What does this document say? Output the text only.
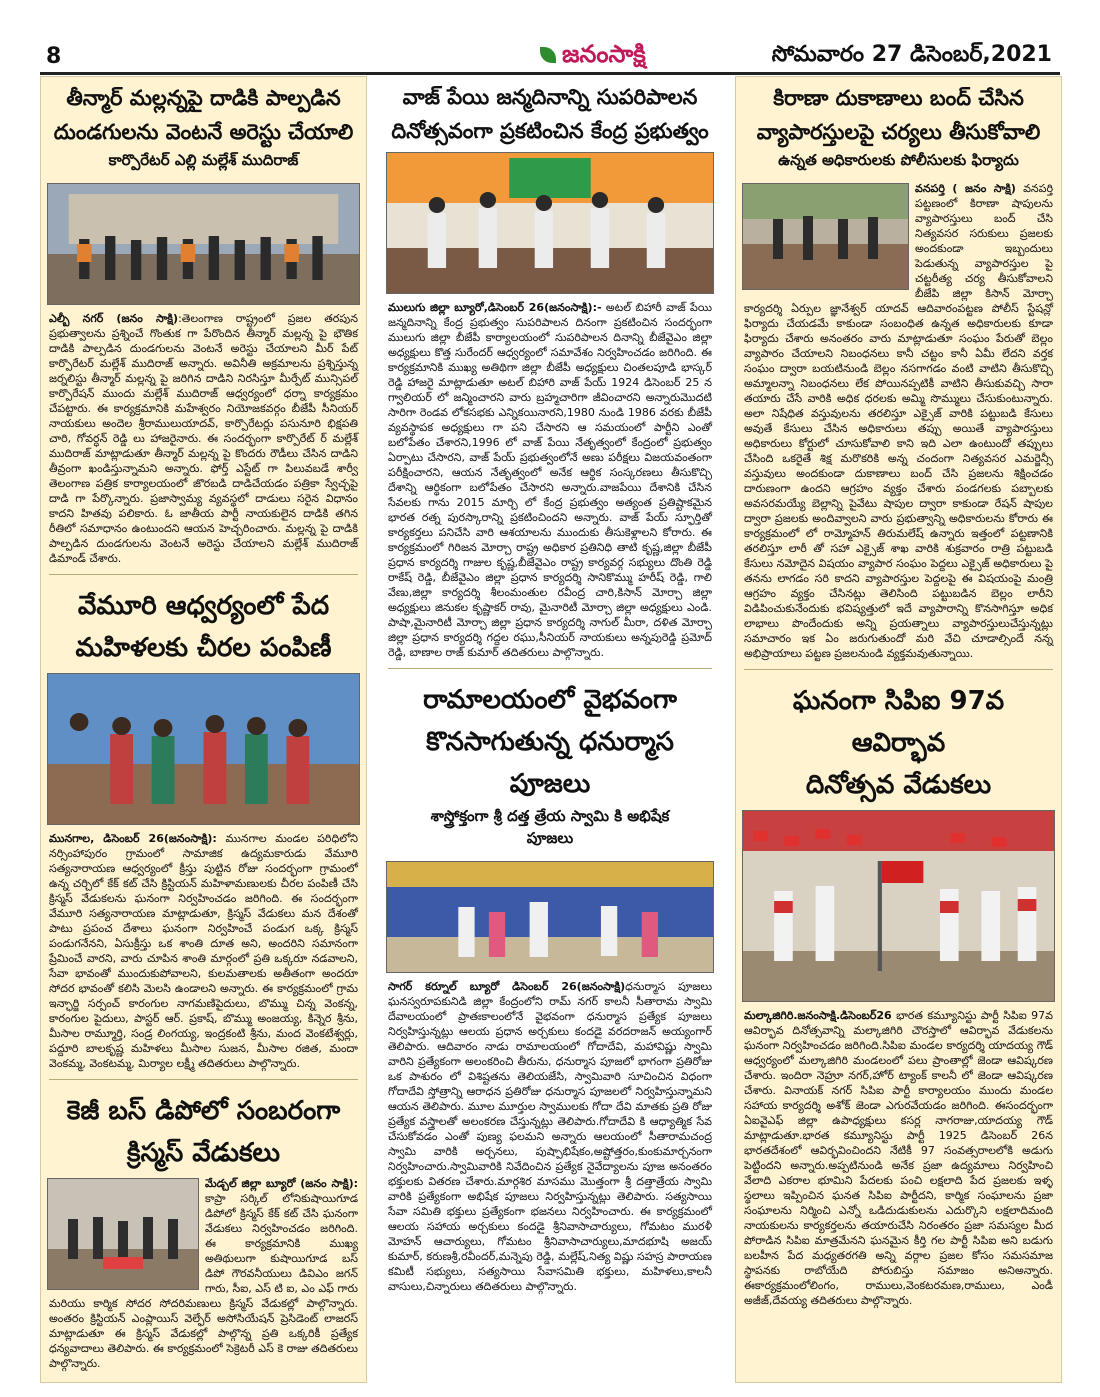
8	జనంసాక్షి	సోమవారం 27 డిసెంబర్,2021
తీన్మార్ మల్లన్నపై దాడికి పాల్పడిన
దుండగులను వెంటనే అరెస్టు చేయాలి
కార్పొరేటర్ ఎల్లి మల్లేశ్ ముదిరాజ్
ఎల్బీ నగర్ (జనం సాక్షి):తెలంగాణ రాష్ట్రంలో ప్రజల తరపున ప్రభుత్వాలను ప్రశ్నించే గొంతుక గా పేరొందిన తీన్మార్ మల్లన్న పై భౌతిక దాడికి పాల్పడిన దుండగులను వెంటనే అరెస్టు చేయాలని మీర్ పేట్ కార్పొరేటర్ మల్లేశ్ ముదిరాజ్ అన్నారు. అవినీతి అక్రమాలను ప్రశ్నిస్తున్న జర్నలిస్టు తీన్మార్ మల్లన్న పై జరిగిన దాడిని నిరసిస్తూ మీర్పేట్ మున్సిపల్ కార్పొరేషన్ ముందు మల్లేశ్ ముదిరాజ్ ఆధ్వర్యంలో ధర్నా కార్యక్రమం చేపట్టారు. ఈ కార్యక్రమానికి మహేశ్వరం నియోజకవర్గం బీజేపీ సీనియర్ నాయకులు అందెల శ్రీరాములుయాదవ్, కార్పొరేటర్లు పసునూరి భిక్షపతి చారి, గోవర్ధన్ రెడ్డి లు హాజరైనారు. ఈ సందర్భంగా కార్పొరేట్ ర్ మల్లేశ్ ముదిరాజ్ మాట్లాడుతూ తీన్మార్ మల్లన్న పై కొందరు రౌడీలు చేసిన దాడిని తీవ్రంగా ఖండిస్తున్నామని అన్నారు. ఫోర్త్ ఎస్టేట్ గా పిలువబడే శార్వీ తెలంగాణ పత్రిక కార్యాలయంలో జొరబడి దాడిచేయడం పత్రికా స్వేచ్ఛపై దాడి గా పేర్కొన్నారు. ప్రజాస్వామ్య వ్యవస్థలో దాడులు సరైన విధానం కాదని హితవు పలికారు. ఓ జాతీయ పార్టీ నాయకులైన దాడికి తగిన రీతిలో సమాధానం ఉంటుందని ఆయన హెచ్చరించారు. మల్లన్న పై దాడికి పాల్పడిన దుండగులను వెంటనే అరెస్టు చేయాలని మల్లేశ్ ముదిరాజ్ డిమాండ్ చేశారు.
వేమూరి ఆధ్వర్యంలో పేద
మహిళలకు చీరల పంపిణీ
మునగాల, డిసెంబర్ 26(జనంసాక్షి): మునగాల మండల పరిధిలోని నర్సింహాపురం గ్రామంలో సామాజిక ఉద్యమకారుడు వేమూరి సత్యనారాయణ ఆధ్వర్యంలో క్రీస్తు పుట్టిన రోజు సందర్భంగా గ్రామంలో ఉన్న చర్చిలో కేక్ కట్ చేసి క్రిస్టియన్ మహిళామణులకు చీరల పంపిణీ చేసి క్రిస్మస్ వేడుకలను ఘనంగా నిర్వహించడం జరిగింది. ఈ సందర్భంగా వేమూరి సత్యనారాయణ మాట్లాడుతూ, క్రిస్మస్ వేడుకలు మన దేశంతో పాటు ప్రపంచ దేశాలు ఘనంగా నిర్వహించే పండుగ ఒక్క క్రిస్మస్ పండుగనేనని, ఏసుక్రీస్తు ఒక శాంతి దూత అని, అందరిని సమానంగా ప్రేమించే వారని, వారు చూపిన శాంతి మార్గంలో ప్రతి ఒక్కరూ నడవాలని, సేవా భావంతో ముందుకుపోవాలని, కులమతాలకు అతీతంగా అందరూ సోదర భావంతో కలిసి మెలసి ఉండాలని అన్నారు. ఈ కార్యక్రమంలో గ్రామ ఇన్ఛార్జి సర్పంచ్ కారంగుల నాగమణిపైదులు, బొమ్ము చిన్న వెంకన్న, కారంగుల పైదులు, పాస్టర్ ఆర్. ప్రకాష్, బొమ్ము అంజయ్య, కిన్నెర శ్రీను, మీసాల రామ్మూర్తి, సండ్ర లింగయ్య, ఇంద్రకంటి శ్రీను, మంద వెంకటేశ్వర్లు, పద్దూరి బాలకృష్ణ మహిళలు మీసాల సుజన, మీసాల రజిత, మందా వెంకమ్మ, వెంకటమ్మ, మిర్యాల లక్ష్మీ తదితరులు పాల్గొన్నారు.
కెజీ బస్ డిపోలో సంబరంగా
క్రిస్మస్ వేడుకలు
మేడ్చల్ జిల్లా బ్యూరో (జనం సాక్షి): కాప్రా సర్కిల్ లోనికుషాయిగూడ డిపోలో క్రిస్మస్ కేక్ కట్ చేసి ఘనంగా వేడుకలు నిర్వహించడం జరిగింది. ఈ కార్యక్రమానికి ముఖ్య అతిథులుగా కుషాయిగూడ బస్ డిపో గౌరవనీయులు డివిఎం జగన్ గారు, సీఐ, ఎస్ టి ఐ, ఎం ఎఫ్ గారు మరియు కార్మిక సోదర సోదరిమణులు క్రిస్మస్ వేడుకల్లో పాల్గొన్నారు. అంతరం క్రిస్టియన్ ఎంప్లాయిస్ వెల్ఫేర్ అసోసియేషన్ ప్రెసిడెంట్ లాజరస్ మాట్లాడుతూ ఈ క్రిస్మస్ వేడుకల్లో పాల్గొన్న ప్రతి ఒక్కరికీ ప్రత్యేక ధన్యవాదాలు తెలిపారు. ఈ కార్యక్రమంలో సెక్రెటరీ ఎస్ కె రాజు తదితరులు పాల్గొన్నారు.
వాజ్ పేయి జన్మదినాన్ని సుపరిపాలన
దినోత్సవంగా ప్రకటించిన కేంద్ర ప్రభుత్వం
ములుగు జిల్లా బ్యూరో,డిసెంబర్ 26(జనంసాక్షి):- అటల్ బిహారీ వాజ్ పేయి జన్మదినాన్ని కేంద్ర ప్రభుత్వం సుపరిపాలన దినంగా ప్రకటించిన సందర్భంగా ములుగు జిల్లా బీజేపీ కార్యాలయంలో సుపరిపాలన దినాన్ని బీజేవైఎం జిల్లా అధ్యక్షులు కొత్త సురేందర్ ఆధ్వర్యంలో సమావేశం నిర్వహించడం జరిగింది. ఈ కార్యక్రమానికి ముఖ్య అతిథిగా జిల్లా బీజేపీ అధ్యక్షులు చింతలపూడి భాస్కర్ రెడ్డి హాజరై మాట్లాడుతూ అటల్ బిహారి వాజ్ పేయ్ 1924 డిసెంబర్ 25 న గ్వాలియర్ లో జన్మించారని వారు బ్రహ్మచారిగా జీవించారని అన్నారుమొదటి సారిగా రెండవ లోకసభకు ఎన్నికయినారని,1980 నుండి 1986 వరకు బీజేపీ వ్యవస్థాపక అధ్యక్షులు గా పని చేసారని ఆ సమయంలో పార్టీని ఎంతో బలోపేతం చేశారని,1996 లో వాజ్ పేయి నేతృత్వంలో కేంద్రంలో ప్రభుత్వం ఏర్పాటు చేసారని, వాజ్ పేయ్ ప్రభుత్వంలోనే అణు పరీక్షలు విజయవంతంగా పరీక్షించారని, ఆయన నేతృత్వంలో అనేక ఆర్థిక సంస్కరణలు తీసుకొచ్చి దేశాన్ని ఆర్థికంగా బలోపేతం చేసారని అన్నారు.వాజపేయి దేశానికి చేసిన సేవలకు గాను 2015 మార్చి లో కేంద్ర ప్రభుత్వం అత్యంత ప్రతిష్టాకమైన భారత రత్న పురస్కారాన్ని ప్రకటించిందని అన్నారు. వాజ్ పేయ్ స్ఫూర్తితో కార్యకర్తలు పనిచేసి వారి ఆశయాలను ముందుకు తీసుకెళ్లాలని కోరారు. ఈ కార్యక్రమంలో గిరిజన మోర్చా రాష్ట్ర అధికార ప్రతినిధి తాటి కృష్ణ,జిల్లా బీజేపీ ప్రధాన కార్యదర్శి గాజుల కృష్ణ,బీజేవైఎం రాష్ట్ర కార్యవర్గ సభ్యులు దొంతి రెడ్డి రాకేష్ రెడ్డి, బీజేవైఎం జిల్లా ప్రధాన కార్యదర్శి సానికొమ్ము హరీష్ రెడ్డి, గాలి వేణు,జిల్లా కార్యదర్శి శీలంమంతుల రవీంద్ర చారి,కిసాన్ మోర్చా జిల్లా అధ్యక్షులు జినుకల కృష్ణాకర్ రావు, మైనారిటీ మోర్చా జిల్లా అధ్యక్షులు ఎండి. పాషా,మైనారిటీ మోర్చా జిల్లా ప్రధాన కార్యదర్శి నాగుల్ మీరా, దళిత మోర్చా జిల్లా ప్రధాన కార్యదర్శి గద్దల రఘు,సీనియర్ నాయకులు అన్నపురెడ్డి ప్రమోద్ రెడ్డి, బాణాల రాజ్ కుమార్ తదితరులు పాల్గొన్నారు.
రామాలయంలో వైభవంగా
కొనసాగుతున్న ధనుర్మాస పూజలు
శాస్త్రోక్తంగా శ్రీ దత్త త్రేయ స్వామి కి అభిషేక
పూజలు
సాగర్ కర్నూల్ బ్యూరో డిసెంబర్ 26(జనంసాక్షి)ధనుర్మాస పూజలు ఘనస్వరూపకునిడి జిల్లా కేంద్రంలోని రామ్ నగర్ కాలనీ సీతారామ స్వామి దేవాలయంలో ప్రాతఃకాలంలోనే వైభవంగా ధనుర్మాస ప్రత్యేక పూజలు నిర్వహిస్తున్నట్లు ఆలయ ప్రధాన అర్చకులు కందడై వరదరాజన్ అయ్యంగార్ తెలిపారు. ఆదివారం నాడు రామాలయంలో గోదాదేవి, మహావిష్ణు స్వామి వారిని ప్రత్యేకంగా అలంకరించి తీరును, ధనుర్మాస పూజలో భాగంగా ప్రతిరోజు ఒక పాశురం లో విశిష్టతను తెలియజేసి, స్వామివారి సూచించిన విధంగా గోదాదేవి స్తోత్రాన్ని ఆరాధన ప్రతిరోజు ధనుర్మాస పూజలలో నిర్వహిస్తున్నామని ఆయన తెలిపారు. మూల మూర్తుల స్వాములకు గోదా దేవి మాతకు ప్రతి రోజు ప్రత్యేక వస్త్రాలతో అలంకరణ చేస్తున్నట్లు తెలిపారు.గోదాదేవి కి ఆధ్యాత్మిక సేవ చేసుకోవడం ఎంతో పుణ్య ఫలమని అన్నారు ఆలయంలో సీతారామచంద్ర స్వామి వారికి అర్చనలు, పుష్పాభిషేకం,అష్టోత్తరం,కుంకుమార్చనంగా నిర్వహించారు.స్వామివారికి నివేదించిన ప్రత్యేక నైవేద్యాలను పూజ అనంతరం భక్తులకు వితరణ చేశారు.మార్గశిర మాసము మొత్తంగా శ్రీ దత్తాత్రేయ స్వామి వారికి ప్రత్యేకంగా అభిషేక పూజలు నిర్వహిస్తున్నట్లు తెలిపారు. సత్యసాయి సేవా సమితి భక్తులు ప్రత్యేకంగా భజనలు నిర్వహించారు. ఈ కార్యక్రమంలో ఆలయ సహాయ అర్చకులు కందడై శ్రీనివాసాచార్యులు, గోమటం మురళీ మోహన్ ఆచార్యులు, గోమటం శ్రీనివాసాచార్యులు,మాదభూషి అజయ్ కుమార్, కరుణశ్రీ,రవీందర్,మన్నెపు రెడ్డి, మల్లేష్,నిత్య విష్ణు సహస్ర పారాయణ కమిటీ సభ్యులు, సత్యసాయి సేవాసమితి భక్తులు, మహిళలు,కాలనీ వాసులు,చిన్నారులు తదితరులు పాల్గొన్నారు.
కిరాణా దుకాణాలు బంద్ చేసిన
వ్యాపారస్తులపై చర్యలు తీసుకోవాలి
ఉన్నత అధికారులకు పోలీసులకు ఫిర్యాదు
వనపర్తి ( జనం సాక్షి) వనపర్తి పట్టణంలో కిరాణా షాపులను వ్యాపారస్తులు బంద్ చేసి నిత్యవసర సరుకులు ప్రజలకు అందకుండా ఇబ్బందులు పెడుతున్న వ్యాపారస్తుల పై చట్టరీత్య చర్య తీసుకోవాలని బీజేపి జిల్లా కిసాన్ మోర్చా కార్యదర్శి ఏర్పుల జ్ఞానేశ్వర్ యాదవ్ ఆదివారంపట్టణ పోలీస్ స్టేషన్లో ఫిర్యాదు చేయడమే కాకుండా సంబంధిత ఉన్నత అధికారులకు కూడా ఫిర్యాదు చేశారు అనంతరం వారు మాట్లాడుతూ సంఘం పేరుతో బెల్లం వ్యాపారం చేయాలని నిబంధనలు కానీ చట్టం కానీ ఏమీ లేదని వర్తక సంఘం ద్వారా బయటినుండి బెల్లం నసగాగడం వంటి వాటిని తీసుకొచ్చి అమ్మాలన్నా నిబంధనలు లేక పోయినప్పటికీ వాటిని తీసుకువచ్చి సారా తయారు చేసే వారికి అధిక ధరలకు అమ్మి సొమ్ములు చేసుకుంటున్నారు. అలా నిషేధిత వస్తువులను తరలిస్తూ ఎక్సైజ్ వారికి పట్టుబడి కేసులు అవుతే కేసులు చేసిన అధికారులు తప్పు అయితే వ్యాపారస్తులు అధికారులు కోర్టులో చూసుకోవాలి కాని ఇది ఎలా ఉంటుందో తప్పులు చేసింది ఒకరైతే శిక్ష మరొకరికి అన్న చందంగా నిత్యవసర ఎమర్జెన్సీ వస్తువులు అందకుండా దుకాణాలు బంద్ చేసి ప్రజలను శిక్షించడం దారుణంగా ఉందని ఆగ్రహం వ్యక్తం చేశారు పండగలకు పబ్బాలకు అవసరమయ్యే బెల్లాన్ని పైవేటు షాపుల ద్వారా కాకుండా రేషన్ షాపుల ద్వారా ప్రజలకు అందివ్వాలని వారు ప్రభుత్వాన్ని అధికారులను కోరారు ఈ కార్యక్రమంలో లో రామ్మోహన్ తిరుమలేష్ ఉన్నారు ఇత్తంలో పట్టణానికి తరలిస్తూ లారీ తో సహా ఎక్సైజ్ శాఖ వారికి శుక్రవారం రాత్రి పట్టుబడి కేసులు నమోదైన విషయం వ్యాపార సంఘం పెద్దలు ఎక్సైజ్ అధికారులు పై తనను లాగడం సరి కాదని వ్యాపారస్తుల పెద్దలపై ఈ విషయంపై మంత్రి ఆగ్రహం వ్యక్తం చేసినట్లు తెలిసింది పట్టుబడిన బెల్లం లారీని విడిపించుకునేందుకు భవిష్యత్తులో ఇదే వ్యాపారాన్ని కొనసాగిస్తూ అధిక లాభాలు పొందేందుకు అన్ని ప్రయత్నాలు వ్యాపారస్తులుచేస్తున్నట్లు సమాచారం ఇక ఏం జరుగుతుందో మరి వేచి చూడాల్సిందే నన్న అభిప్రాయాలు పట్టణ ప్రజలనుండి వ్యక్తమవుతున్నాయి.
ఘనంగా సిపిఐ 97వ ఆవిర్భావ
దినోత్సవ వేడుకలు
మల్కాజిగిరి.జనంసాక్షి.డిసెంబర్26 భారత కమ్యూనిస్టు పార్టీ సిపిఐ 97వ ఆవిర్భావ దినోత్సవాన్ని మల్కాజిగిరి చౌరస్తాలో ఆవిర్భావ వేడుకలను ఘనంగా నిర్వహించడం జరిగింది.సిపిఐ మండల కార్యదర్శి యాదయ్య గౌడ్ ఆధ్వర్యంలో మల్కాజిగిరి మండలంలో పలు ప్రాంతాల్లో జెండా ఆవిష్కరణ చేశారు. ఇందిరా నెహ్రూ నగర్,హోర్ ట్యాంక్ కాలనీ లో జెండా ఆవిష్కరణ చేశారు. వినాయక్ నగర్ సిపిఐ పార్టీ కార్యాలయం ముందు మండల సహాయ కార్యదర్శి అశోక్ జెండా ఎగురవేయడం జరిగింది. ఈసందర్భంగా ఏఐవైఎఫ్ జిల్లా ఉపాధ్యక్షులు కసర్ల నాగరాజు,యాదయ్య గౌడ్ మాట్లాడుతూ.భారత కమ్యూనిస్టు పార్టీ 1925 డిసెంబర్ 26న భారతదేశంలో ఆవిర్భవించిందని నేటికీ 97 సంవత్సరాలలోకి అడుగు పెట్టిందని అన్నారు.అప్పటినుండి అనేక ప్రజా ఉద్యమాలు నిర్వహించి వేలాది ఎకరాల భూమిని పేదలకు పంచి లక్షలాది పేద ప్రజలకు ఇళ్ళ స్థలాలు ఇప్పించిన ఘనత సిపిఐ పార్టీదని, కార్మిక సంఘాలను ప్రజా సంఘాలను నిర్మించి ఎన్నో ఒడిదుడుకులను ఎదుర్కొని లక్షలాదిమంది నాయకులను కార్యకర్తలను తయారుచేసి నిరంతరం ప్రజా సమస్యల మీద పోరాడిన సిపిఐ మాత్రమేనని ఘనమైన కీర్తి గల పార్టీ సిపిఐ అని బడుగు బలహీన పేద మధ్యతరగతి అన్ని వర్గాల ప్రజల కోసం సమసమాజ స్థాపనకు రాబోయేది పోరుబిస్తు సమాజం అనిఅన్నారు. ఈకార్యక్రమంలోలింగం, రాములు,వెంకటరమణ,రాములు, ఎండీ అజీజ్,దేవయ్య తదితరులు పాల్గొన్నారు.
